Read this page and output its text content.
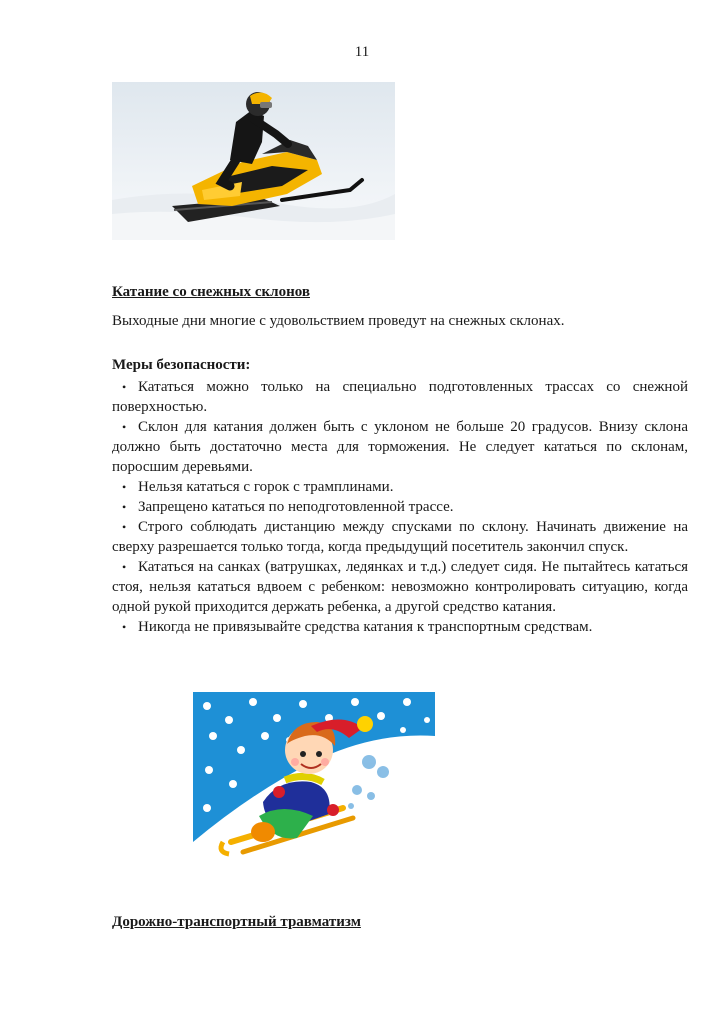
11
Катание со снежных склонов
Выходные дни многие с удовольствием проведут на снежных склонах.
Меры безопасности:
• Кататься можно только на специально подготовленных трассах со снежной поверхностью.
• Склон для катания должен быть с уклоном не больше 20 градусов. Внизу склона должно быть достаточно места для торможения. Не следует кататься по склонам, поросшим деревьями.
• Нельзя кататься с горок с трамплинами.
• Запрещено кататься по неподготовленной трассе.
• Строго соблюдать дистанцию между спусками по склону. Начинать движение на сверху разрешается только тогда, когда предыдущий посетитель закончил спуск.
• Кататься на санках (ватрушках, ледянках и т.д.) следует сидя. Не пытайтесь кататься стоя, нельзя кататься вдвоем с ребенком: невозможно контролировать ситуацию, когда одной рукой приходится держать ребенка, а другой средство катания.
• Никогда не привязывайте средства катания к транспортным средствам.
Дорожно-транспортный травматизм
